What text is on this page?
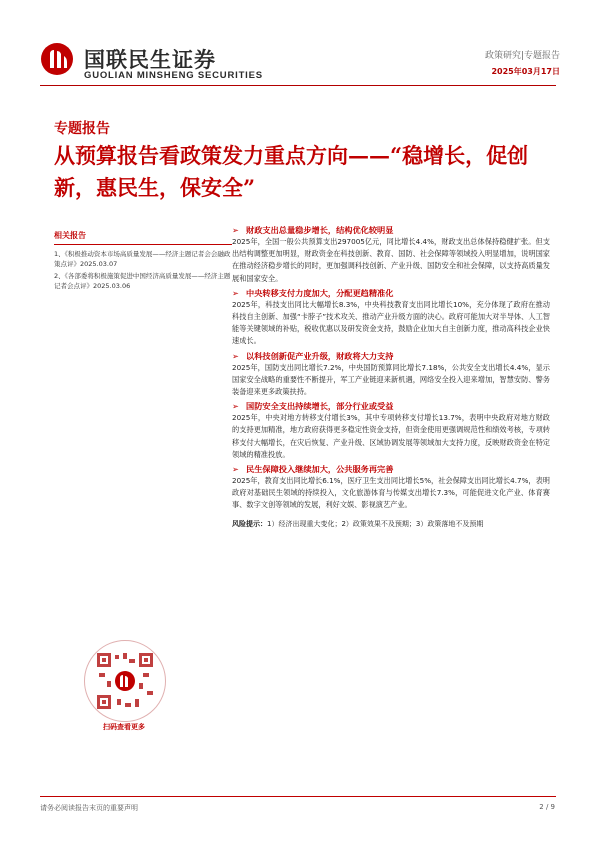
国联民生证券
GUOLIAN MINSHENG SECURITIES
政策研究|专题报告
2025年03月17日
专题报告
从预算报告看政策发力重点方向——“稳增长，促创新，惠民生，保安全”
相关报告
1、《积极推动资本市场高质量发展——经济主题记者会会融政策点评》2025.03.07
2、《各部委将积极施策促进中国经济高质量发展——经济主题记者会点评》2025.03.06
扫码查看更多
➢ 财政支出总量稳步增长，结构优化较明显
2025年，全国一般公共预算支出297005亿元，同比增长4.4%，财政支出总体保持稳健扩张。但支出结构调整更加明显，财政资金在科技创新、教育、国防、社会保障等领域投入明显增加，说明国家在推动经济稳步增长的同时，更加强调科技创新、产业升级、国防安全和社会保障，以支持高质量发展和国家安全。
➢ 中央转移支付力度加大，分配更趋精准化
2025年，科技支出同比大幅增长8.3%，中央科技教育支出同比增长10%，充分体现了政府在推动科技自主创新、加强“卡脖子”技术攻关、推动产业升级方面的决心。政府可能加大对半导体、人工智能等关键领域的补贴，税收优惠以及研发资金支持，鼓励企业加大自主创新力度，推动高科技企业快速成长。
➢ 以科技创新促产业升级，财政将大力支持
2025年，国防支出同比增长7.2%，中央国防预算同比增长7.18%，公共安全支出增长4.4%，显示国家安全战略的重要性不断提升，军工产业链迎来新机遇，网络安全投入迎来增加，智慧安防、警务装备迎来更多政策扶持。
➢ 国防安全支出持续增长，部分行业或受益
2025年，中央对地方转移支付增长3%，其中专项转移支付增长13.7%，表明中央政府对地方财政的支持更加精准，地方政府获得更多稳定性资金支持，但资金使用更强调规范性和绩效考核，专项转移支付大幅增长，在灾后恢复、产业升级、区域协调发展等领域加大支持力度，反映财政资金在特定领域的精准投放。
➢ 民生保障投入继续加大，公共服务再完善
2025年，教育支出同比增长6.1%，医疗卫生支出同比增长5%，社会保障支出同比增长4.7%，表明政府对基础民生领域的持续投入，文化旅游体育与传媒支出增长7.3%，可能促进文化产业、体育赛事、数字文创等领域的发展，利好文娱、影视演艺产业。
风险提示：1）经济出现重大变化；2）政策效果不及预期；3）政策落地不及预期
请务必阅读报告末页的重要声明	2 / 9
